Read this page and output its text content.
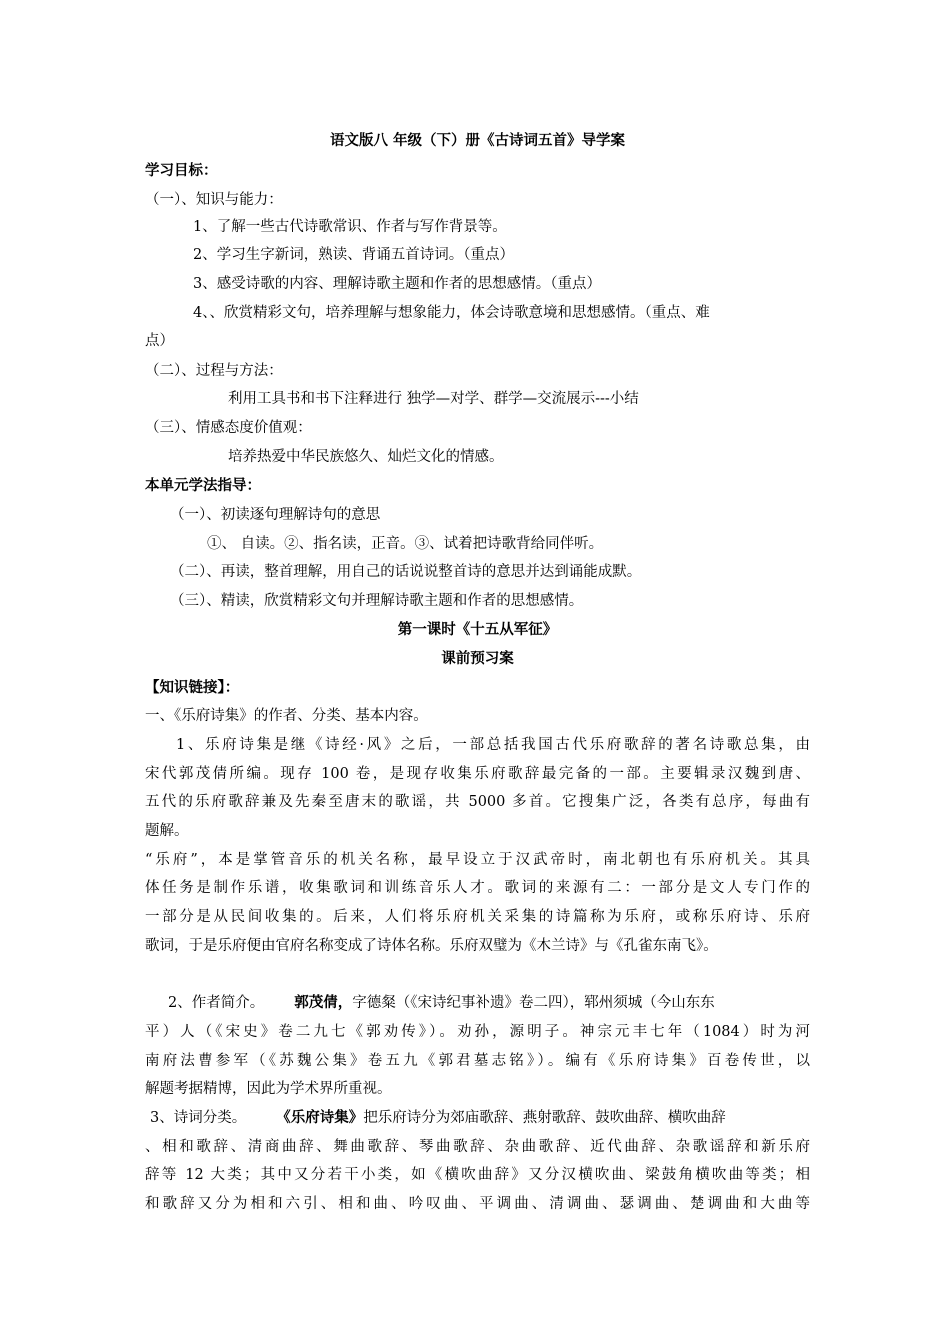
语文版八 年级（下）册《古诗词五首》导学案
学习目标：
（一）、知识与能力：
1、了解一些古代诗歌常识、作者与写作背景等。
2、学习生字新词，熟读、背诵五首诗词。（重点）
3、感受诗歌的内容、理解诗歌主题和作者的思想感情。（重点）
4、、欣赏精彩文句，培养理解与想象能力，体会诗歌意境和思想感情。（重点、难
点）
（二）、过程与方法：
利用工具书和书下注释进行 独学—对学、群学—交流展示---小结
（三）、情感态度价值观：
培养热爱中华民族悠久、灿烂文化的情感。
本单元学法指导：
（一）、初读逐句理解诗句的意思
①、 自读。②、指名读，正音。③、试着把诗歌背给同伴听。
（二）、再读，整首理解，用自己的话说说整首诗的意思并达到诵能成默。
（三）、精读，欣赏精彩文句并理解诗歌主题和作者的思想感情。
第一课时《十五从军征》
课前预习案
【知识链接】：
一、《乐府诗集》的作者、分类、基本内容。
1、乐府诗集是继《诗经·风》之后，一部总括我国古代乐府歌辞的著名诗歌总集，由
宋代郭茂倩所编。现存 100 卷，是现存收集乐府歌辞最完备的一部。主要辑录汉魏到唐、
五代的乐府歌辞兼及先秦至唐末的歌谣，共 5000 多首。它搜集广泛，各类有总序，每曲有
题解。
“乐府”，本是掌管音乐的机关名称，最早设立于汉武帝时，南北朝也有乐府机关。其具
体任务是制作乐谱，收集歌词和训练音乐人才。歌词的来源有二：一部分是文人专门作的
一部分是从民间收集的。后来，人们将乐府机关采集的诗篇称为乐府，或称乐府诗、乐府
歌词，于是乐府便由官府名称变成了诗体名称。乐府双璧为《木兰诗》与《孔雀东南飞》。
2、作者简介。 郭茂倩，字德粲（《宋诗纪事补遗》卷二四），郓州须城（今山东东
平）人（《宋史》卷二九七《郭劝传》）。劝孙，源明子。神宗元丰七年（1084）时为河
南府法曹参军（《苏魏公集》卷五九《郭君墓志铭》）。编有《乐府诗集》百卷传世，以
解题考据精博，因此为学术界所重视。
3、诗词分类。 《乐府诗集》把乐府诗分为郊庙歌辞、燕射歌辞、鼓吹曲辞、横吹曲辞
、相和歌辞、清商曲辞、舞曲歌辞、琴曲歌辞、杂曲歌辞、近代曲辞、杂歌谣辞和新乐府
辞等 12 大类；其中又分若干小类，如《横吹曲辞》又分汉横吹曲、梁鼓角横吹曲等类；相
和歌辞又分为相和六引、相和曲、吟叹曲、平调曲、清调曲、瑟调曲、楚调曲和大曲等
